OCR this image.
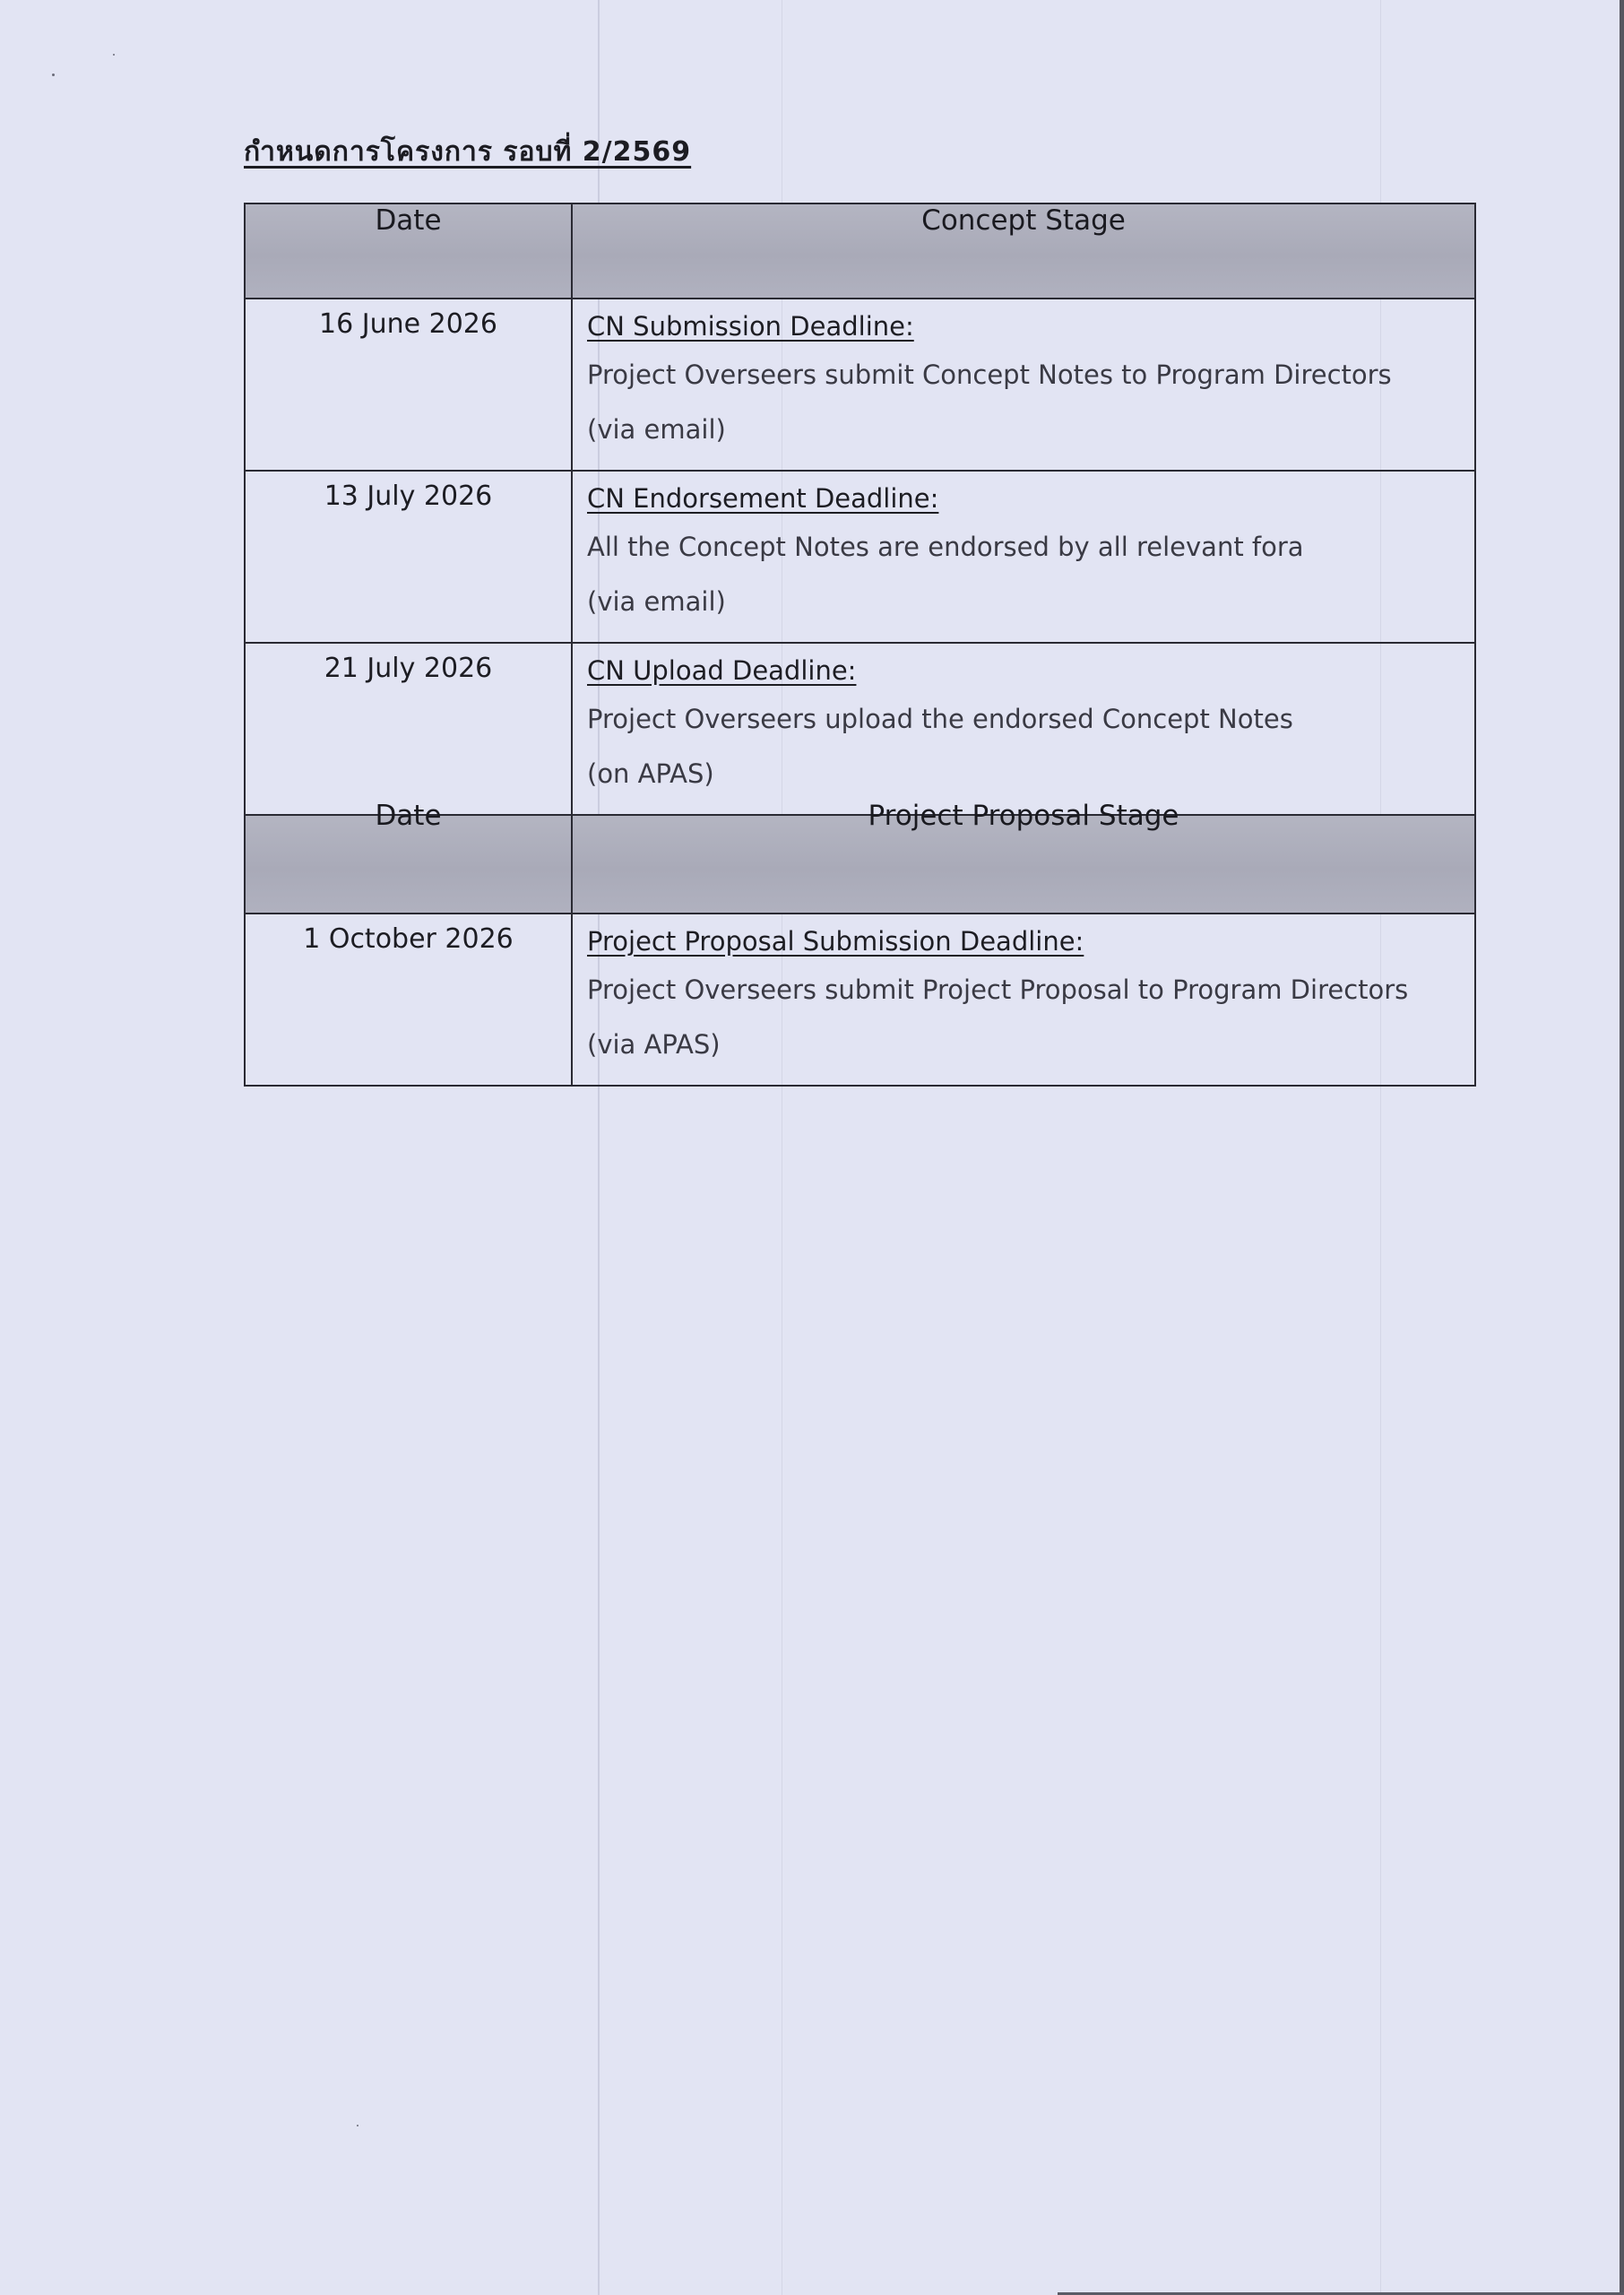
กำหนดการโครงการ รอบที่ 2/2569
Date	Concept Stage
16 June 2026	CN Submission Deadline:
Project Overseers submit Concept Notes to Program Directors
(via email)

13 July 2026	CN Endorsement Deadline:
All the Concept Notes are endorsed by all relevant fora
(via email)

21 July 2026	CN Upload Deadline:
Project Overseers upload the endorsed Concept Notes
(on APAS)

Date	Project Proposal Stage
1 October 2026	Project Proposal Submission Deadline:
Project Overseers submit Project Proposal to Program Directors
(via APAS)
